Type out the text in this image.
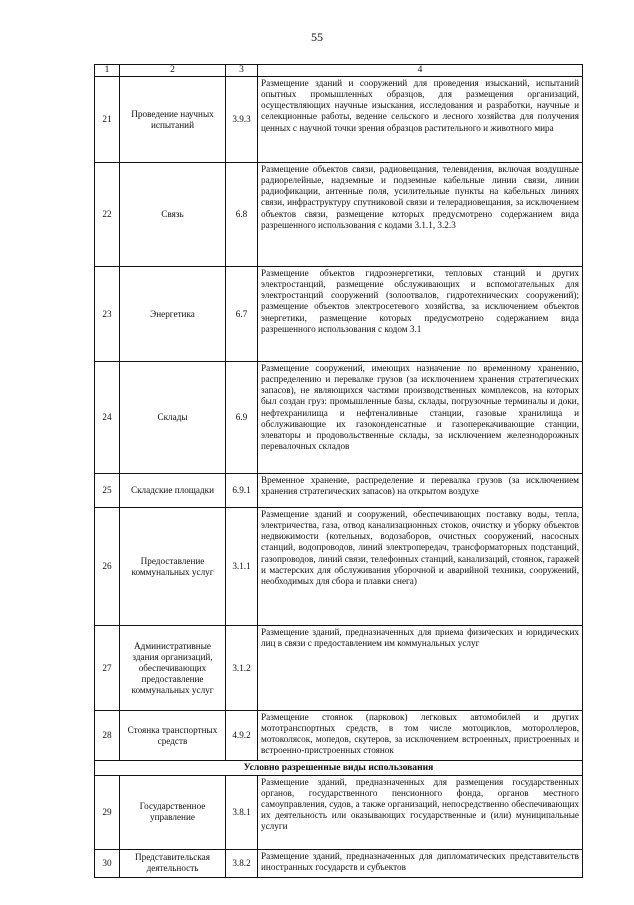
55
1	2	3	4
21	Проведение научных испытаний	3.9.3	Размещение зданий и сооружений для проведения изысканий, испытаний опытных промышленных образцов, для размещения организаций, осуществляющих научные изыскания, исследования и разработки, научные и селекционные работы, ведение сельского и лесного хозяйства для получения ценных с научной точки зрения образцов растительного и животного мира
22	Связь	6.8	Размещение объектов связи, радиовещания, телевидения, включая воздушные радиорелейные, надземные и подземные кабельные линии связи, линии радиофикации, антенные поля, усилительные пункты на кабельных линиях связи, инфраструктуру спутниковой связи и телерадиовещания, за исключением объектов связи, размещение которых предусмотрено содержанием вида разрешенного использования с кодами 3.1.1, 3.2.3
23	Энергетика	6.7	Размещение объектов гидроэнергетики, тепловых станций и других электростанций, размещение обслуживающих и вспомогательных для электростанций сооружений (золоотвалов, гидротехнических сооружений); размещение объектов электросетевого хозяйства, за исключением объектов энергетики, размещение которых предусмотрено содержанием вида разрешенного использования с кодом 3.1
24	Склады	6.9	Размещение сооружений, имеющих назначение по временному хранению, распределению и перевалке грузов (за исключением хранения стратегических запасов), не являющихся частями производственных комплексов, на которых был создан груз: промышленные базы, склады, погрузочные терминалы и доки, нефтехранилища и нефтеналивные станции, газовые хранилища и обслуживающие их газоконденсатные и газоперекачивающие станции, элеваторы и продовольственные склады, за исключением железнодорожных перевалочных складов
25	Складские площадки	6.9.1	Временное хранение, распределение и перевалка грузов (за исключением хранения стратегических запасов) на открытом воздухе
26	Предоставление коммунальных услуг	3.1.1	Размещение зданий и сооружений, обеспечивающих поставку воды, тепла, электричества, газа, отвод канализационных стоков, очистку и уборку объектов недвижимости (котельных, водозаборов, очистных сооружений, насосных станций, водопроводов, линий электропередач, трансформаторных подстанций, газопроводов, линий связи, телефонных станций, канализаций, стоянок, гаражей и мастерских для обслуживания уборочной и аварийной техники, сооружений, необходимых для сбора и плавки снега)
27	Административные здания организаций, обеспечивающих предоставление коммунальных услуг	3.1.2	Размещение зданий, предназначенных для приема физических и юридических лиц в связи с предоставлением им коммунальных услуг
28	Стоянка транспортных средств	4.9.2	Размещение стоянок (парковок) легковых автомобилей и других мототранспортных средств, в том числе мотоциклов, мотороллеров, мотоколясок, мопедов, скутеров, за исключением встроенных, пристроенных и встроенно-пристроенных стоянок
Условно разрешенные виды использования			
29	Государственное управление	3.8.1	Размещение зданий, предназначенных для размещения государственных органов, государственного пенсионного фонда, органов местного самоуправления, судов, а также организаций, непосредственно обеспечивающих их деятельность или оказывающих государственные и (или) муниципальные услуги
30	Представительская деятельность	3.8.2	Размещение зданий, предназначенных для дипломатических представительств иностранных государств и субъектов
